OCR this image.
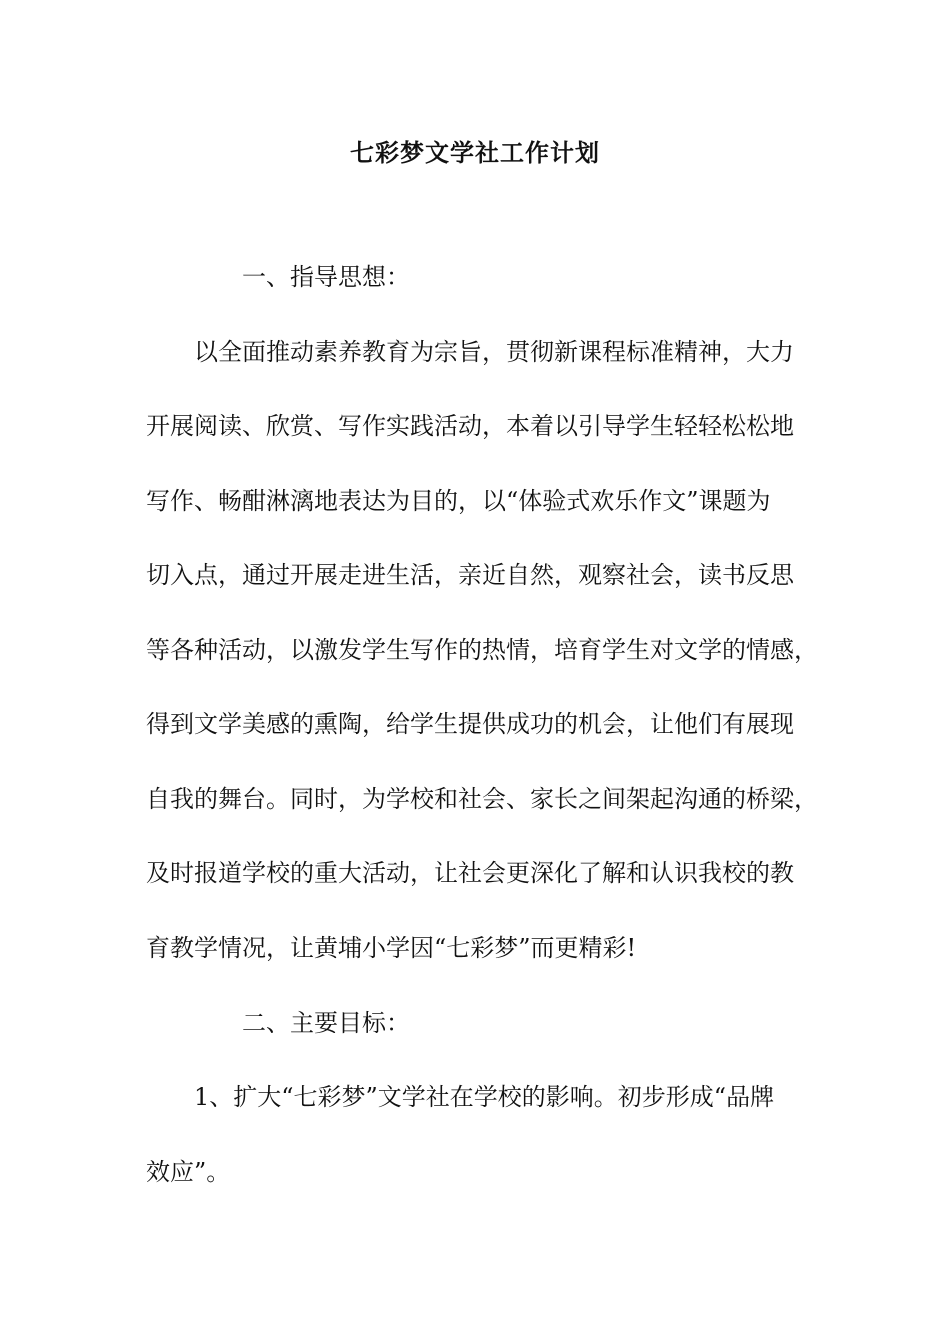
七彩梦文学社工作计划

一、指导思想：

以全面推动素养教育为宗旨，贯彻新课程标准精神，大力

开展阅读、欣赏、写作实践活动，本着以引导学生轻轻松松地

写作、畅酣淋漓地表达为目的，以“体验式欢乐作文”课题为

切入点，通过开展走进生活，亲近自然，观察社会，读书反思

等各种活动，以激发学生写作的热情，培育学生对文学的情感，

得到文学美感的熏陶，给学生提供成功的机会，让他们有展现

自我的舞台。同时，为学校和社会、家长之间架起沟通的桥梁，

及时报道学校的重大活动，让社会更深化了解和认识我校的教

育教学情况，让黄埔小学因“七彩梦”而更精彩!

二、主要目标：

1、扩大“七彩梦”文学社在学校的影响。初步形成“品牌

效应”。
